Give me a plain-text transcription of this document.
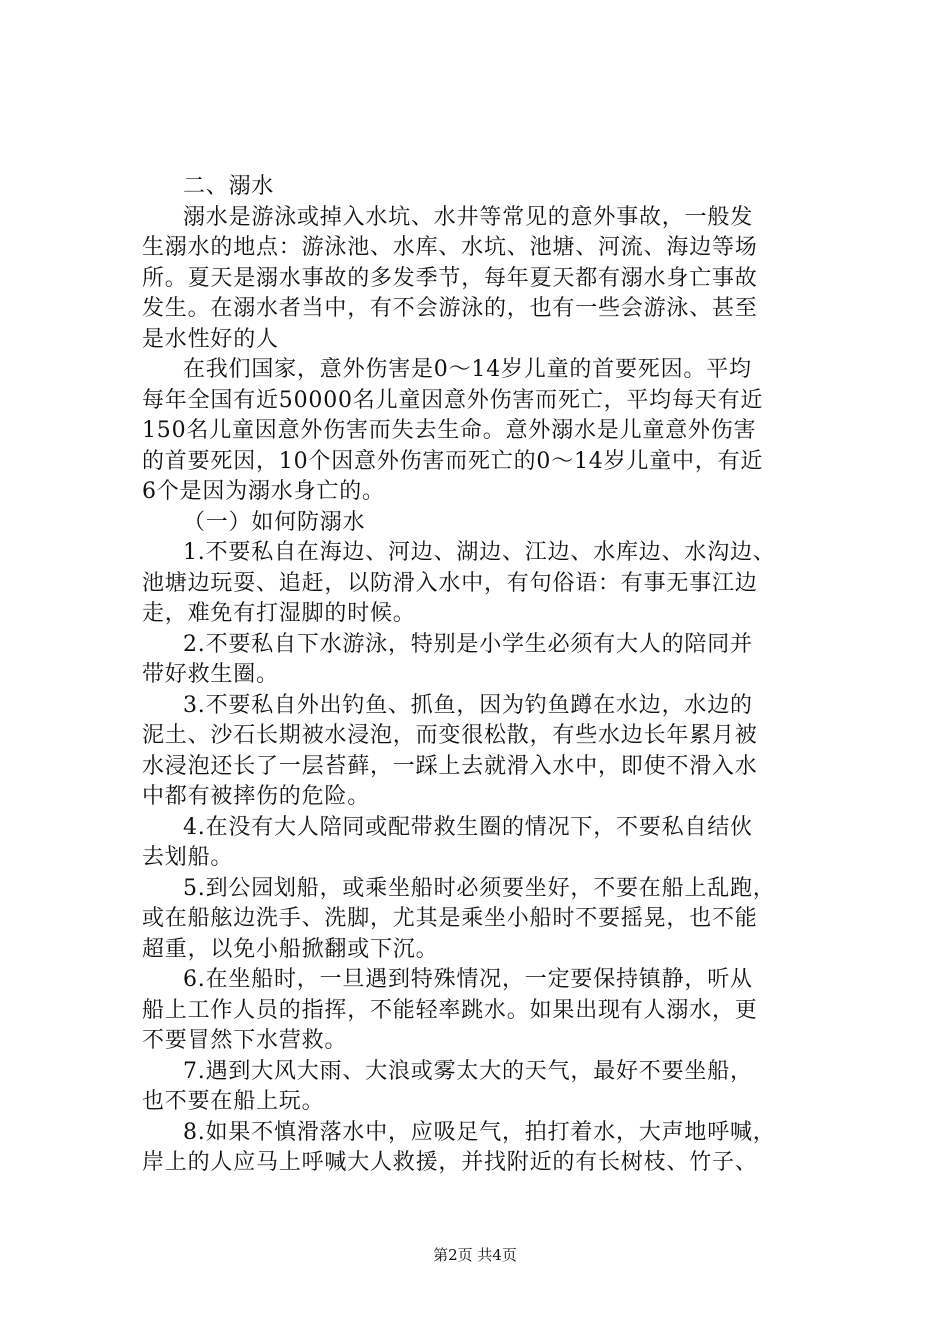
二、溺水
溺水是游泳或掉入水坑、水井等常见的意外事故，一般发
生溺水的地点：游泳池、水库、水坑、池塘、河流、海边等场
所。夏天是溺水事故的多发季节，每年夏天都有溺水身亡事故
发生。在溺水者当中，有不会游泳的，也有一些会游泳、甚至
是水性好的人
在我们国家，意外伤害是0～14岁儿童的首要死因。平均
每年全国有近50000名儿童因意外伤害而死亡，平均每天有近
150名儿童因意外伤害而失去生命。意外溺水是儿童意外伤害
的首要死因，10个因意外伤害而死亡的0～14岁儿童中，有近
6个是因为溺水身亡的。
（一）如何防溺水
1.不要私自在海边、河边、湖边、江边、水库边、水沟边、
池塘边玩耍、追赶，以防滑入水中，有句俗语：有事无事江边
走，难免有打湿脚的时候。
2.不要私自下水游泳，特别是小学生必须有大人的陪同并
带好救生圈。
3.不要私自外出钓鱼、抓鱼，因为钓鱼蹲在水边，水边的
泥土、沙石长期被水浸泡，而变很松散，有些水边长年累月被
水浸泡还长了一层苔藓，一踩上去就滑入水中，即使不滑入水
中都有被摔伤的危险。
4.在没有大人陪同或配带救生圈的情况下，不要私自结伙
去划船。
5.到公园划船，或乘坐船时必须要坐好，不要在船上乱跑，
或在船舷边洗手、洗脚，尤其是乘坐小船时不要摇晃，也不能
超重，以免小船掀翻或下沉。
6.在坐船时，一旦遇到特殊情况，一定要保持镇静，听从
船上工作人员的指挥，不能轻率跳水。如果出现有人溺水，更
不要冒然下水营救。
7.遇到大风大雨、大浪或雾太大的天气，最好不要坐船，
也不要在船上玩。
8.如果不慎滑落水中，应吸足气，拍打着水，大声地呼喊，
岸上的人应马上呼喊大人救援，并找附近的有长树枝、竹子、
第2页 共4页
